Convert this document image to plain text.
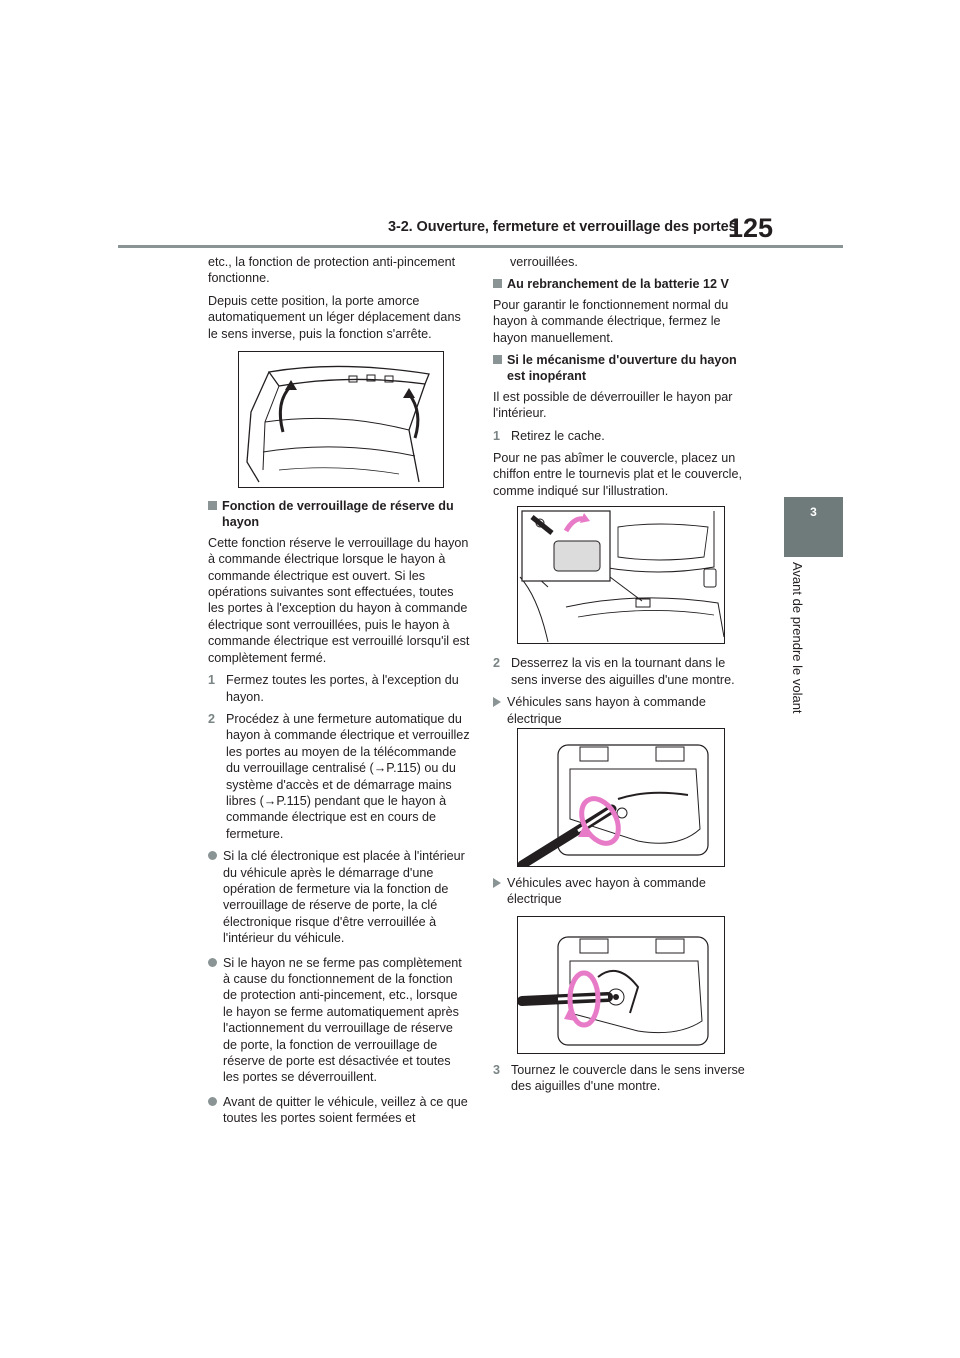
3-2. Ouverture, fermeture et verrouillage des portes
125
3
Avant de prendre le volant

etc., la fonction de protection anti-pincement fonctionne.

Depuis cette position, la porte amorce automatiquement un léger déplacement dans le sens inverse, puis la fonction s'arrête.

Fonction de verrouillage de réserve du hayon

Cette fonction réserve le verrouillage du hayon à commande électrique lorsque le hayon à commande électrique est ouvert. Si les opérations suivantes sont effectuées, toutes les portes à l'exception du hayon à commande électrique sont verrouillées, puis le hayon à commande électrique est verrouillé lorsqu'il est complètement fermé.

1 Fermez toutes les portes, à l'exception du hayon.
2 Procédez à une fermeture automatique du hayon à commande électrique et verrouillez les portes au moyen de la télécommande du verrouillage centralisé (→P.115) ou du système d'accès et de démarrage mains libres (→P.115) pendant que le hayon à commande électrique est en cours de fermeture.
Si la clé électronique est placée à l'intérieur du véhicule après le démarrage d'une opération de fermeture via la fonction de verrouillage de réserve de porte, la clé électronique risque d'être verrouillée à l'intérieur du véhicule.
Si le hayon ne se ferme pas complètement à cause du fonctionnement de la fonction de protection anti-pincement, etc., lorsque le hayon se ferme automatiquement après l'actionnement du verrouillage de réserve de porte, la fonction de verrouillage de réserve de porte est désactivée et toutes les portes se déverrouillent.
Avant de quitter le véhicule, veillez à ce que toutes les portes soient fermées et

verrouillées.

Au rebranchement de la batterie 12 V

Pour garantir le fonctionnement normal du hayon à commande électrique, fermez le hayon manuellement.

Si le mécanisme d'ouverture du hayon est inopérant

Il est possible de déverrouiller le hayon par l'intérieur.

1 Retirez le cache.

Pour ne pas abîmer le couvercle, placez un chiffon entre le tournevis plat et le couvercle, comme indiqué sur l'illustration.

2 Desserrez la vis en la tournant dans le sens inverse des aiguilles d'une montre.
Véhicules sans hayon à commande électrique
Véhicules avec hayon à commande électrique
3 Tournez le couvercle dans le sens inverse des aiguilles d'une montre.
